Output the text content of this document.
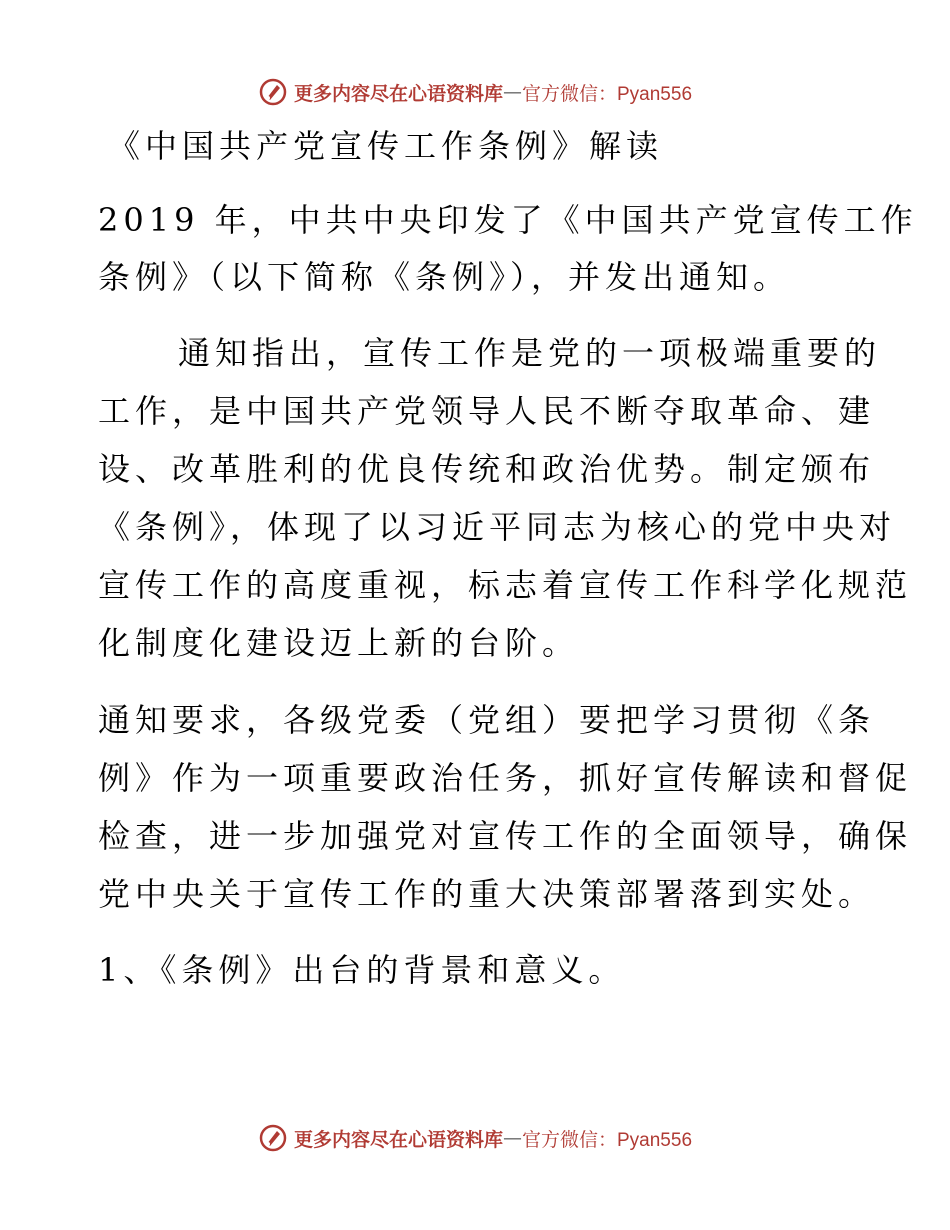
更多内容尽在心语资料库 — 官方微信：Pyan556
《中国共产党宣传工作条例》解读
2019 年，中共中央印发了《中国共产党宣传工作
条例》（以下简称《条例》），并发出通知。
通知指出，宣传工作是党的一项极端重要的
工作，是中国共产党领导人民不断夺取革命、建
设、改革胜利的优良传统和政治优势。制定颁布
《条例》，体现了以习近平同志为核心的党中央对
宣传工作的高度重视，标志着宣传工作科学化规范
化制度化建设迈上新的台阶。
通知要求，各级党委（党组）要把学习贯彻《条
例》作为一项重要政治任务，抓好宣传解读和督促
检查，进一步加强党对宣传工作的全面领导，确保
党中央关于宣传工作的重大决策部署落到实处。
1、《条例》出台的背景和意义。
更多内容尽在心语资料库 — 官方微信：Pyan556
